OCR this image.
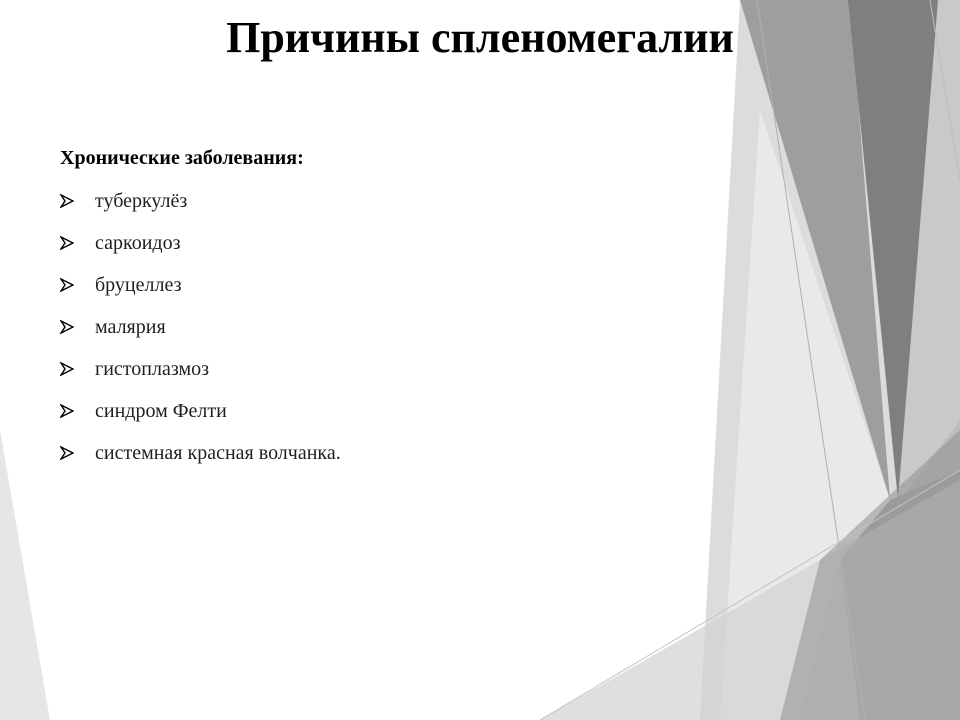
Причины спленомегалии
Хронические заболевания:
туберкулёз
саркоидоз
бруцеллез
малярия
гистоплазмоз
синдром Фелти
системная красная волчанка.
